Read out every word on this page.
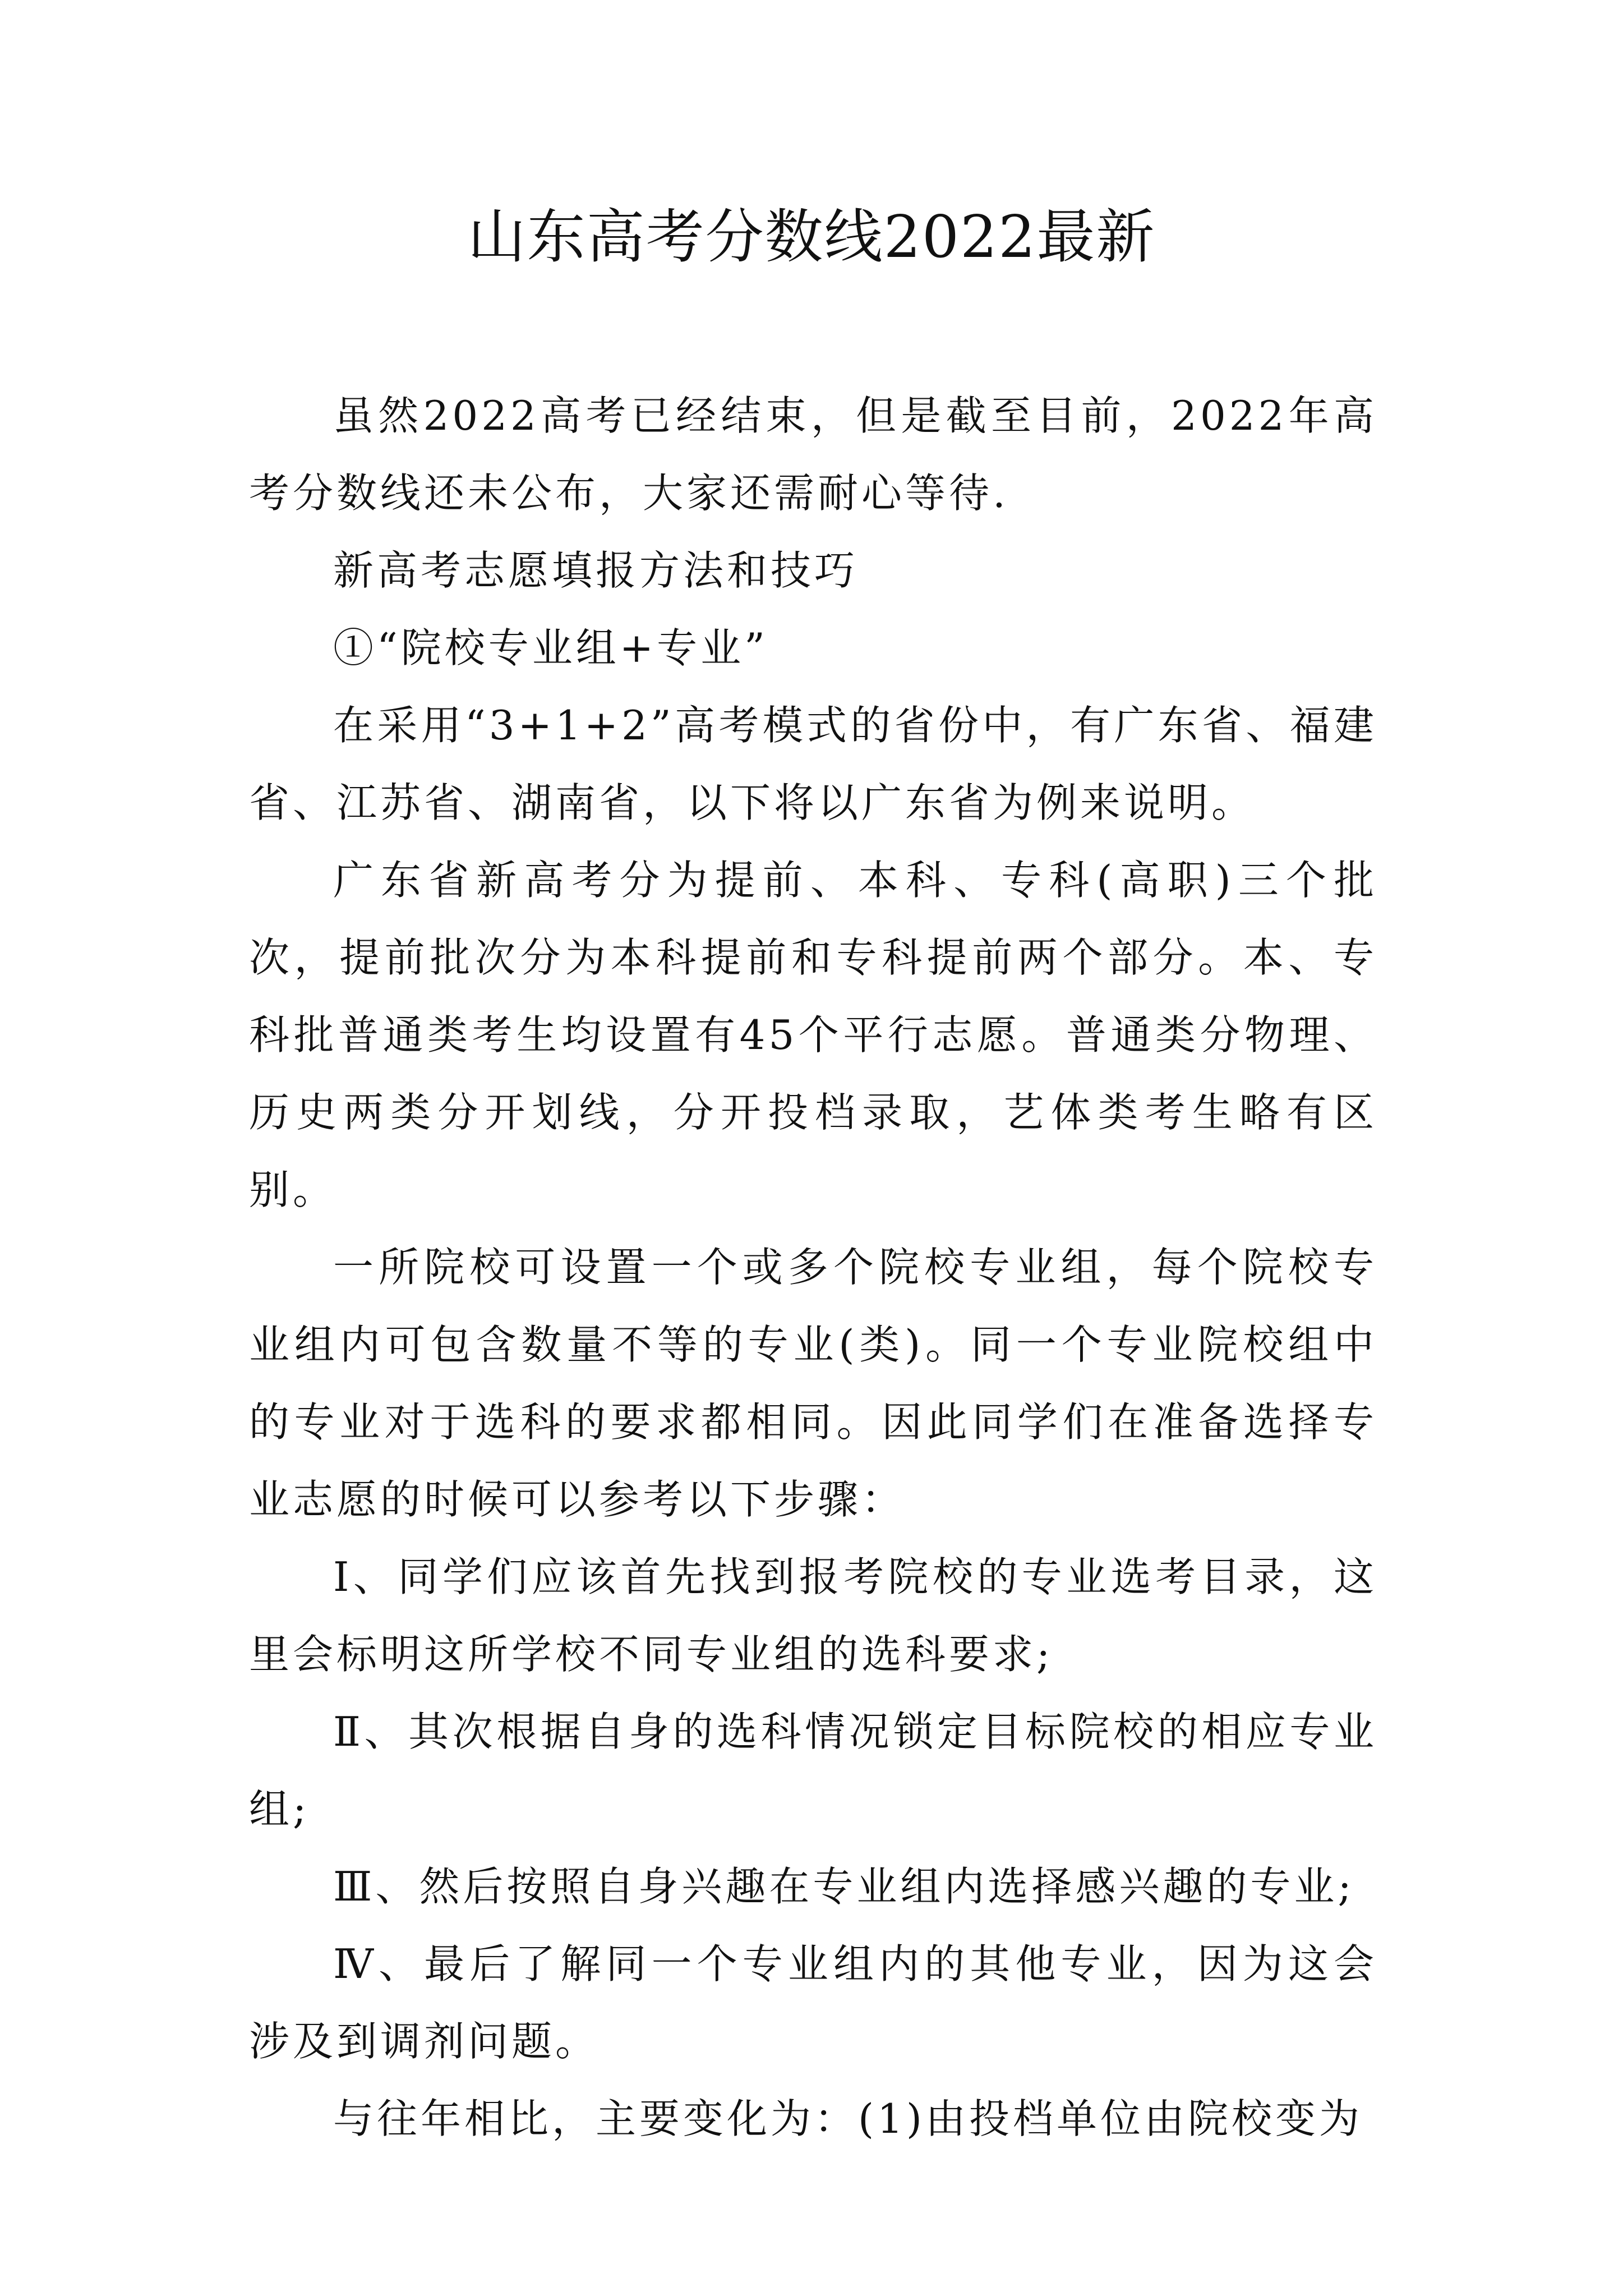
山东高考分数线2022最新

虽然2022高考已经结束，但是截至目前，2022年高考分数线还未公布，大家还需耐心等待.

新高考志愿填报方法和技巧

①“院校专业组+专业”

在采用“3+1+2”高考模式的省份中，有广东省、福建省、江苏省、湖南省，以下将以广东省为例来说明。

广东省新高考分为提前、本科、专科(高职)三个批次，提前批次分为本科提前和专科提前两个部分。本、专科批普通类考生均设置有45个平行志愿。普通类分物理、历史两类分开划线，分开投档录取，艺体类考生略有区别。

一所院校可设置一个或多个院校专业组，每个院校专业组内可包含数量不等的专业(类)。同一个专业院校组中的专业对于选科的要求都相同。因此同学们在准备选择专业志愿的时候可以参考以下步骤：

Ⅰ、同学们应该首先找到报考院校的专业选考目录，这里会标明这所学校不同专业组的选科要求;

Ⅱ、其次根据自身的选科情况锁定目标院校的相应专业组;

Ⅲ、然后按照自身兴趣在专业组内选择感兴趣的专业;

Ⅳ、最后了解同一个专业组内的其他专业，因为这会涉及到调剂问题。

与往年相比，主要变化为：(1)由投档单位由院校变为
